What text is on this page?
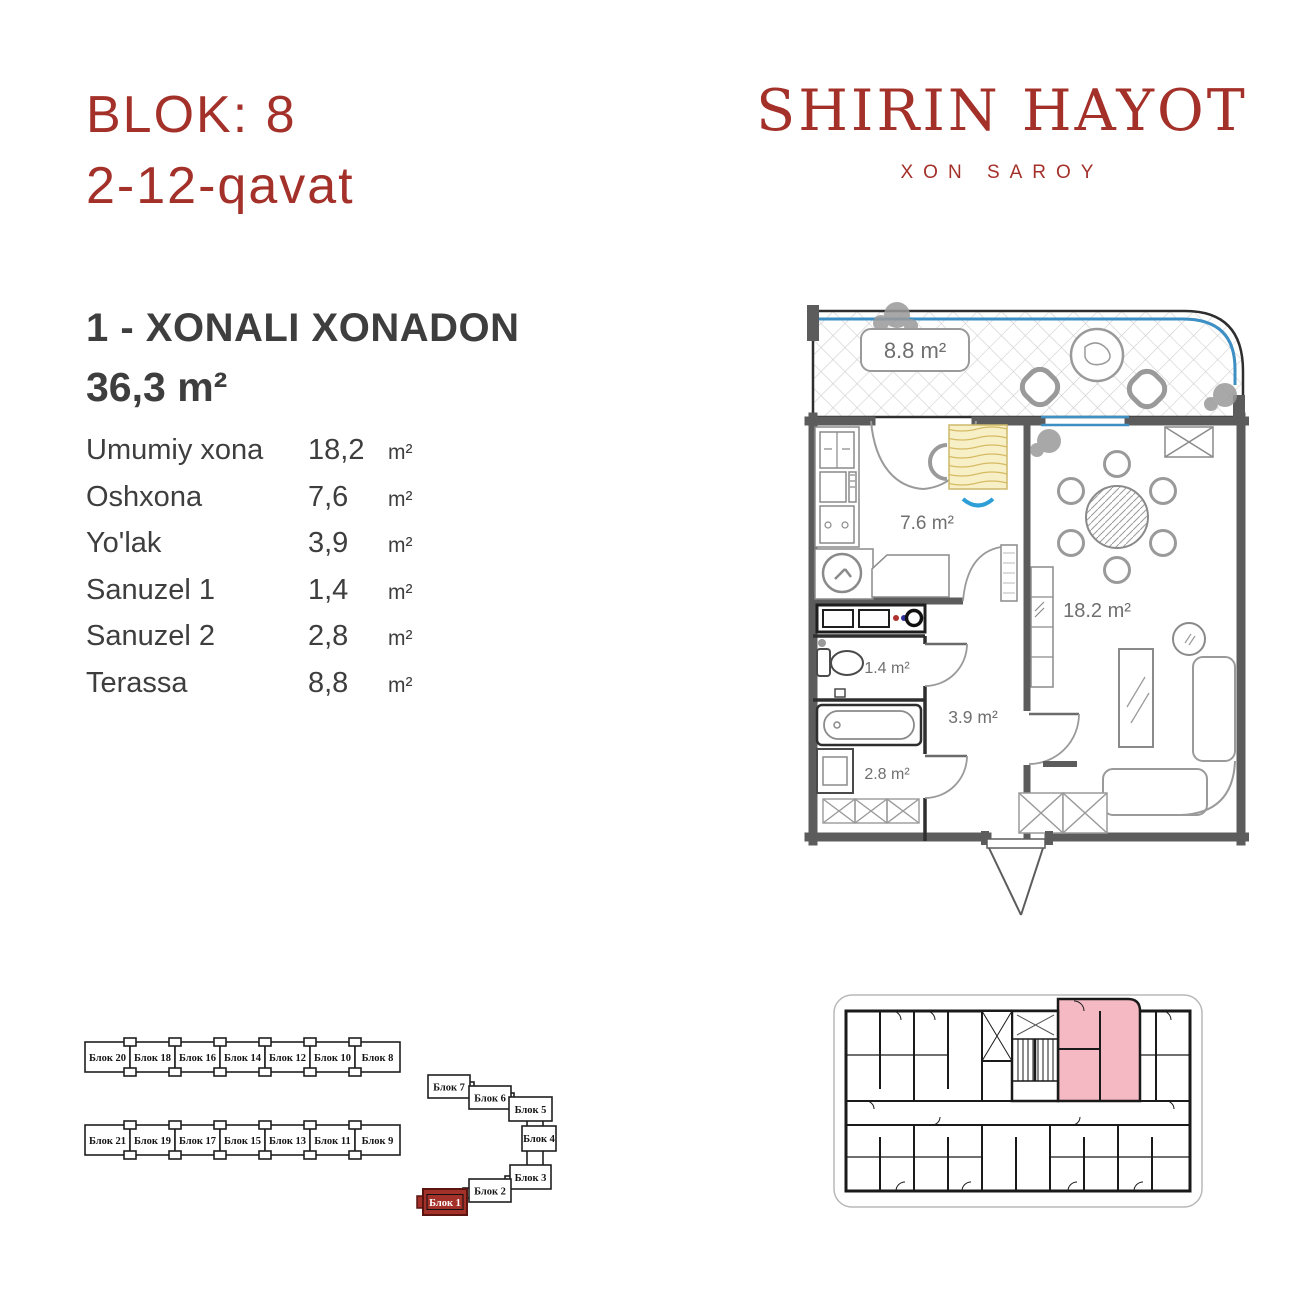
BLOK: 8
2-12-qavat
SHIRIN HAYOT
XON SAROY
1 - XONALI XONADON
36,3 m²
Umumiy xona	18,2	m²
Oshxona	7,6	m²
Yo'lak	3,9	m²
Sanuzel 1	1,4	m²
Sanuzel 2	2,8	m²
Terassa	8,8	m²
8.8 m²
7.6 m²
1.4 m²
2.8 m²
3.9 m²
18.2 m²
Блок 20 Блок 18 Блок 16 Блок 14 Блок 12 Блок 10 Блок 8
Блок 21 Блок 19 Блок 17 Блок 15 Блок 13 Блок 11 Блок 9
Блок 7
Блок 6
Блок 5
Блок 4
Блок 3
Блок 2
Блок 1
